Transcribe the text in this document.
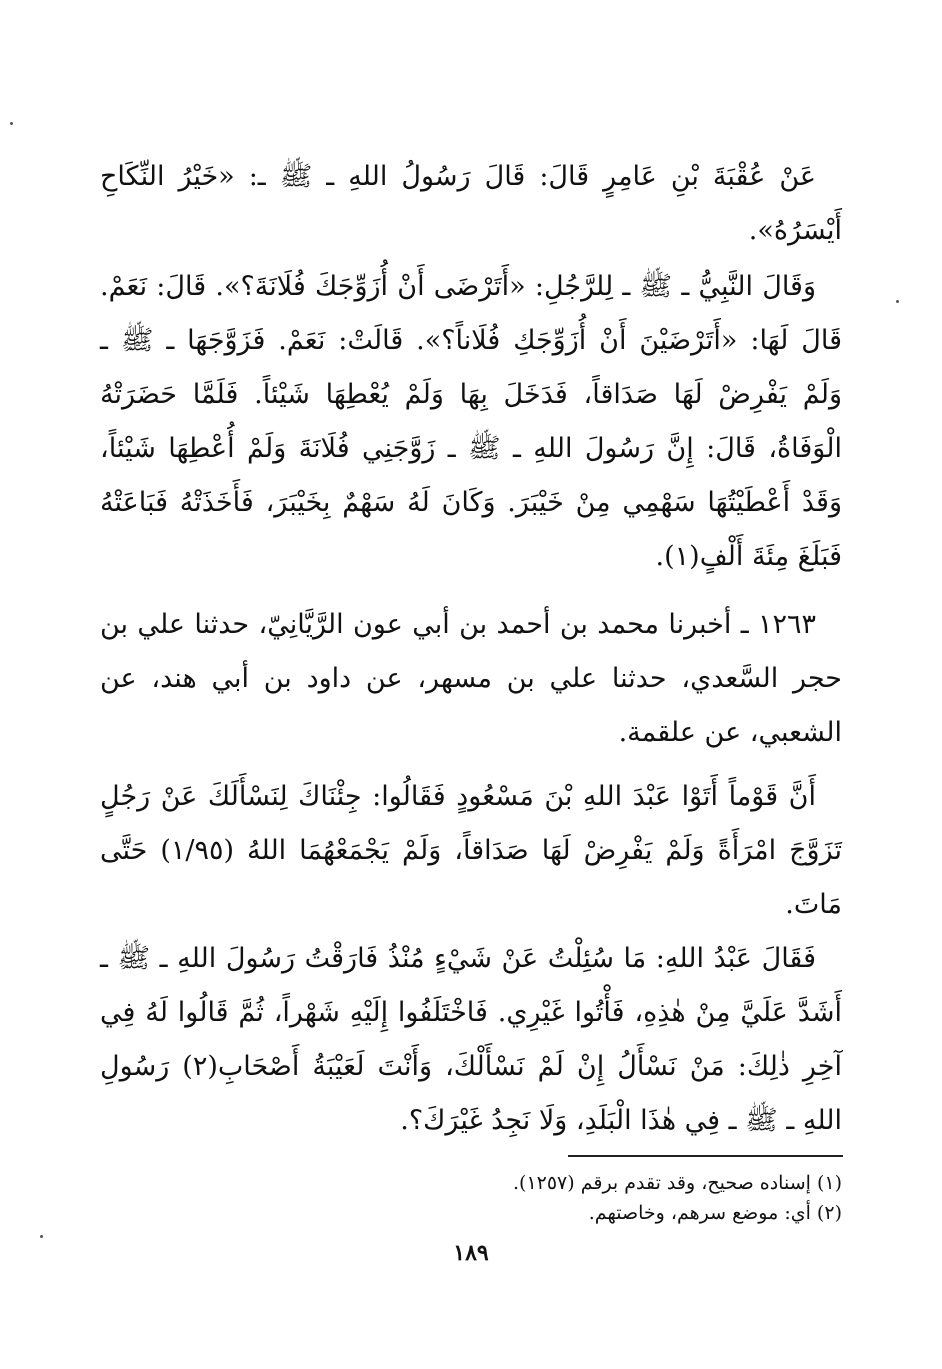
عَنْ عُقْبَةَ بْنِ عَامِرٍ قَالَ: قَالَ رَسُولُ اللهِ ـ ﷺ ـ: «خَيْرُ النِّكَاحِ أَيْسَرُهُ».

وَقَالَ النَّبِيُّ ـ ﷺ ـ لِلرَّجُلِ: «أَتَرْضَى أَنْ أُزَوِّجَكَ فُلَانَةَ؟». قَالَ: نَعَمْ. قَالَ لَهَا: «أَتَرْضَيْنَ أَنْ أُزَوِّجَكِ فُلَاناً؟». قَالَتْ: نَعَمْ. فَزَوَّجَهَا ـ ﷺ ـ وَلَمْ يَفْرِضْ لَهَا صَدَاقاً، فَدَخَلَ بِهَا وَلَمْ يُعْطِهَا شَيْئاً. فَلَمَّا حَضَرَتْهُ الْوَفَاةُ، قَالَ: إِنَّ رَسُولَ اللهِ ـ ﷺ ـ زَوَّجَنِي فُلَانَةَ وَلَمْ أُعْطِهَا شَيْئاً، وَقَدْ أَعْطَيْتُهَا سَهْمِي مِنْ خَيْبَرَ. وَكَانَ لَهُ سَهْمٌ بِخَيْبَرَ، فَأَخَذَتْهُ فَبَاعَتْهُ فَبَلَغَ مِئَةَ أَلْفٍ(١).

١٢٦٣ ـ أخبرنا محمد بن أحمد بن أبي عون الرَّيَّانِيّ، حدثنا علي بن حجر السَّعدي، حدثنا علي بن مسهر، عن داود بن أبي هند، عن الشعبي، عن علقمة.

أَنَّ قَوْماً أَتَوْا عَبْدَ اللهِ بْنَ مَسْعُودٍ فَقَالُوا: جِئْنَاكَ لِنَسْأَلَكَ عَنْ رَجُلٍ تَزَوَّجَ امْرَأَةً وَلَمْ يَفْرِضْ لَهَا صَدَاقاً، وَلَمْ يَجْمَعْهُمَا اللهُ (١/٩٥) حَتَّى مَاتَ.

فَقَالَ عَبْدُ اللهِ: مَا سُئِلْتُ عَنْ شَيْءٍ مُنْذُ فَارَقْتُ رَسُولَ اللهِ ـ ﷺ ـ أَشَدَّ عَلَيَّ مِنْ هٰذِهِ، فَأْتُوا غَيْرِي. فَاخْتَلَفُوا إِلَيْهِ شَهْراً، ثُمَّ قَالُوا لَهُ فِي آخِرِ ذٰلِكَ: مَنْ نَسْأَلُ إِنْ لَمْ نَسْأَلْكَ، وَأَنْتَ لَعَيْبَةُ أَصْحَابِ(٢) رَسُولِ اللهِ ـ ﷺ ـ فِي هٰذَا الْبَلَدِ، وَلَا نَجِدُ غَيْرَكَ؟.

(١) إسناده صحيح، وقد تقدم برقم (١٢٥٧).
(٢) أي: موضع سرهم، وخاصتهم.
١٨٩
